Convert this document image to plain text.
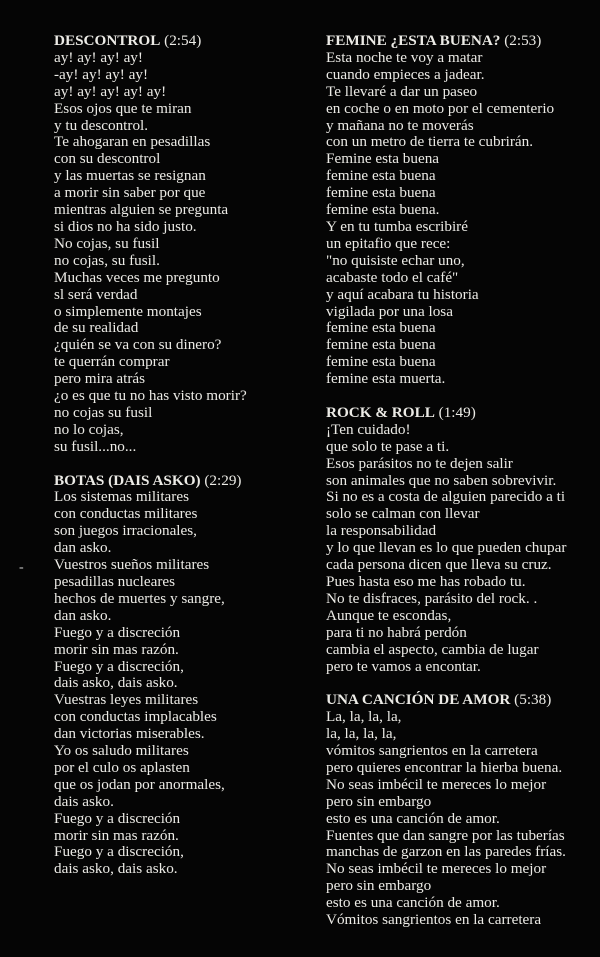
DESCONTROL (2:54)
ay! ay! ay! ay!
-ay! ay! ay! ay!
ay! ay! ay! ay! ay!
Esos ojos que te miran
y tu descontrol.
Te ahogaran en pesadillas
con su descontrol
y las muertas se resignan
a morir sin saber por que
mientras alguien se pregunta
si dios no ha sido justo.
No cojas, su fusil
no cojas, su fusil.
Muchas veces me pregunto
sl será verdad
o simplemente montajes
de su realidad
¿quién se va con su dinero?
te querrán comprar
pero mira atrás
¿o es que tu no has visto morir?
no cojas su fusil
no lo cojas,
su fusil...no...
BOTAS (DAIS ASKO) (2:29)
Los sistemas militares
con conductas militares
son juegos irracionales,
dan asko.
Vuestros sueños militares
pesadillas nucleares
hechos de muertes y sangre,
dan asko.
Fuego y a discreción
morir sin mas razón.
Fuego y a discreción,
dais asko, dais asko.
Vuestras leyes militares
con conductas implacables
dan victorias miserables.
Yo os saludo militares
por el culo os aplasten
que os jodan por anormales,
dais asko.
Fuego y a discreción
morir sin mas razón.
Fuego y a discreción,
dais asko, dais asko.
FEMINE ¿ESTA BUENA? (2:53)
Esta noche te voy a matar
cuando empieces a jadear.
Te llevaré a dar un paseo
en coche o en moto por el cementerio
y mañana no te moverás
con un metro de tierra te cubrirán.
Femine esta buena
femine esta buena
femine esta buena
femine esta buena.
Y en tu tumba escribiré
un epitafio que rece:
"no quisiste echar uno,
acabaste todo el café"
y aquí acabara tu historia
vigilada por una losa
femine esta buena
femine esta buena
femine esta buena
femine esta muerta.
ROCK & ROLL (1:49)
¡Ten cuidado!
que solo te pase a ti.
Esos parásitos no te dejen salir
son animales que no saben sobrevivir.
Si no es a costa de alguien parecido a ti
solo se calman con llevar
la responsabilidad
y lo que llevan es lo que pueden chupar
cada persona dicen que lleva su cruz.
Pues hasta eso me has robado tu.
No te disfraces, parásito del rock. .
Aunque te escondas,
para ti no habrá perdón
cambia el aspecto, cambia de lugar
pero te vamos a encontar.
UNA CANCIÓN DE AMOR (5:38)
La, la, la, la,
la, la, la, la,
vómitos sangrientos en la carretera
pero quieres encontrar la hierba buena.
No seas imbécil te mereces lo mejor
pero sin embargo
esto es una canción de amor.
Fuentes que dan sangre por las tuberías
manchas de garzon en las paredes frías.
No seas imbécil te mereces lo mejor
pero sin embargo
esto es una canción de amor.
Vómitos sangrientos en la carretera
-
